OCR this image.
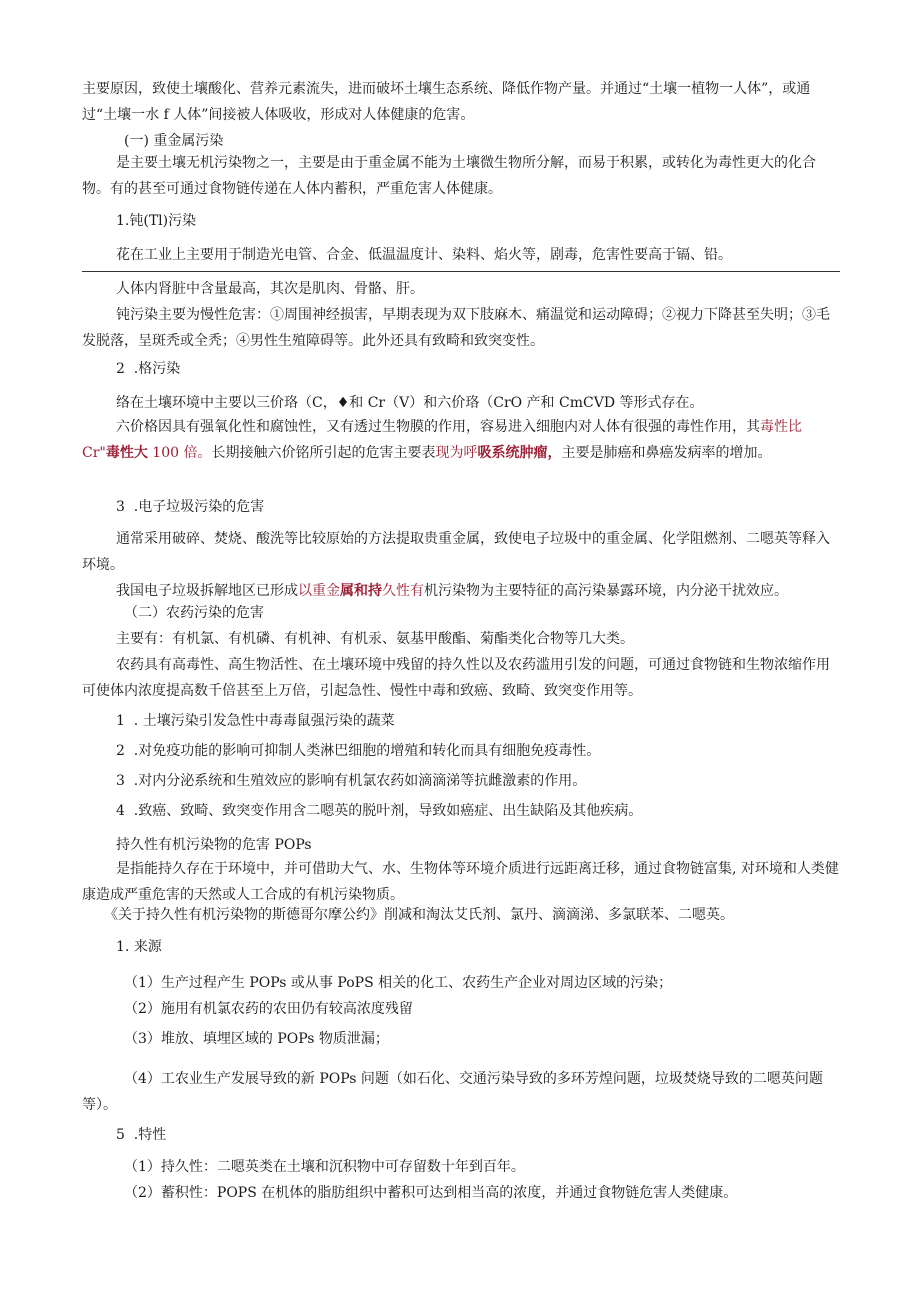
主要原因，致使土壤酸化、营养元素流失，进而破坏土壤生态系统、降低作物产量。并通过“土壤一植物一人体”，或通过“土壤一水 f 人体”间接被人体吸收，形成对人体健康的危害。
(一) 重金属污染
是主要土壤无机污染物之一，主要是由于重金属不能为土壤微生物所分解，而易于积累，或转化为毒性更大的化合物。有的甚至可通过食物链传递在人体内蓄积，严重危害人体健康。
1.钝(Tl)污染
花在工业上主要用于制造光电管、合金、低温温度计、染料、焰火等，剧毒，危害性要高于镉、铅。
人体内肾脏中含量最高，其次是肌肉、骨骼、肝。
钝污染主要为慢性危害：①周围神经损害，早期表现为双下肢麻木、痛温觉和运动障碍；②视力下降甚至失明；③毛发脱落，呈斑秃或全秃；④男性生殖障碍等。此外还具有致畸和致突变性。
2  .格污染
络在土壤环境中主要以三价珞（C，♦和 Cr（V）和六价珞（CrO 产和 CmCVD 等形式存在。
六价格因具有强氧化性和腐蚀性，又有透过生物膜的作用，容易进入细胞内对人体有很强的毒性作用，其毒性比 Cr"毒性大 100 倍。长期接触六价铭所引起的危害主要表现为呼吸系统肿瘤，主要是肺癌和鼻癌发病率的增加。
3  .电子垃圾污染的危害
通常采用破碎、焚烧、酸洗等比较原始的方法提取贵重金属，致使电子垃圾中的重金属、化学阻燃剂、二嗯英等释入环境。
我国电子垃圾拆解地区已形成以重金属和持久性有机污染物为主要特征的高污染暴露环境，内分泌干扰效应。
（二）农药污染的危害
主要有：有机氯、有机磷、有机神、有机汞、氨基甲酸酯、菊酯类化合物等几大类。
农药具有高毒性、高生物活性、在土壤环境中残留的持久性以及农药滥用引发的问题，可通过食物链和生物浓缩作用可使体内浓度提高数千倍甚至上万倍，引起急性、慢性中毒和致癌、致畸、致突变作用等。
1  . 土壤污染引发急性中毒毒鼠强污染的蔬菜
2  .对免疫功能的影响可抑制人类淋巴细胞的增殖和转化而具有细胞免疫毒性。
3  .对内分泌系统和生殖效应的影响有机氯农药如滴滴涕等抗雌激素的作用。
4  .致癌、致畸、致突变作用含二嗯英的脱叶剂，导致如癌症、出生缺陷及其他疾病。
持久性有机污染物的危害 POPs
是指能持久存在于环境中，并可借助大气、水、生物体等环境介质进行远距离迁移，通过食物链富集, 对环境和人类健康造成严重危害的天然或人工合成的有机污染物质。
《关于持久性有机污染物的斯德哥尔摩公约》削减和淘汰艾氏剂、氯丹、滴滴涕、多氯联苯、二嗯英。
1. 来源
（1）生产过程产生 POPs 或从事 PoPS 相关的化工、农药生产企业对周边区域的污染；
（2）施用有机氯农药的农田仍有较高浓度残留
（3）堆放、填埋区域的 POPs 物质泄漏；
（4）工农业生产发展导致的新 POPs 问题（如石化、交通污染导致的多环芳煌问题，垃圾焚烧导致的二嗯英问题等）。
5  .特性
（1）持久性：二嗯英类在土壤和沉积物中可存留数十年到百年。
（2）蓄积性：POPS 在机体的脂肪组织中蓄积可达到相当高的浓度，并通过食物链危害人类健康。
